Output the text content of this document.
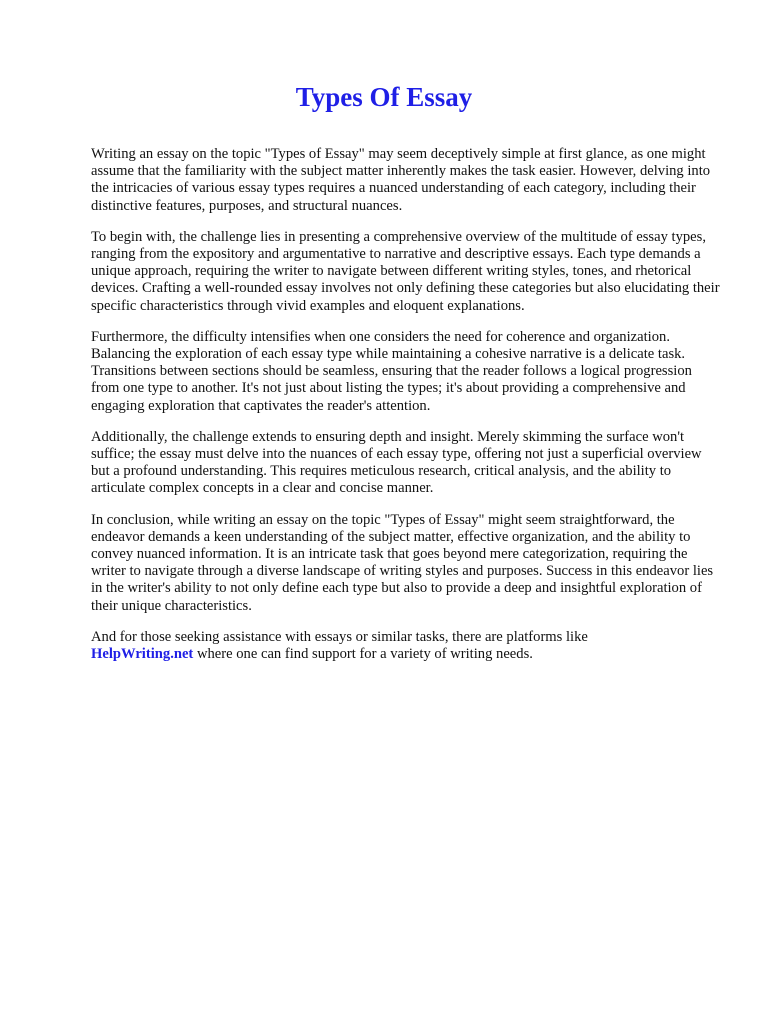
Types Of Essay

Writing an essay on the topic "Types of Essay" may seem deceptively simple at first glance, as one might assume that the familiarity with the subject matter inherently makes the task easier. However, delving into the intricacies of various essay types requires a nuanced understanding of each category, including their distinctive features, purposes, and structural nuances.

To begin with, the challenge lies in presenting a comprehensive overview of the multitude of essay types, ranging from the expository and argumentative to narrative and descriptive essays. Each type demands a unique approach, requiring the writer to navigate between different writing styles, tones, and rhetorical devices. Crafting a well-rounded essay involves not only defining these categories but also elucidating their specific characteristics through vivid examples and eloquent explanations.

Furthermore, the difficulty intensifies when one considers the need for coherence and organization. Balancing the exploration of each essay type while maintaining a cohesive narrative is a delicate task. Transitions between sections should be seamless, ensuring that the reader follows a logical progression from one type to another. It's not just about listing the types; it's about providing a comprehensive and engaging exploration that captivates the reader's attention.

Additionally, the challenge extends to ensuring depth and insight. Merely skimming the surface won't suffice; the essay must delve into the nuances of each essay type, offering not just a superficial overview but a profound understanding. This requires meticulous research, critical analysis, and the ability to articulate complex concepts in a clear and concise manner.

In conclusion, while writing an essay on the topic "Types of Essay" might seem straightforward, the endeavor demands a keen understanding of the subject matter, effective organization, and the ability to convey nuanced information. It is an intricate task that goes beyond mere categorization, requiring the writer to navigate through a diverse landscape of writing styles and purposes. Success in this endeavor lies in the writer's ability to not only define each type but also to provide a deep and insightful exploration of their unique characteristics.

And for those seeking assistance with essays or similar tasks, there are platforms like
HelpWriting.net where one can find support for a variety of writing needs.
